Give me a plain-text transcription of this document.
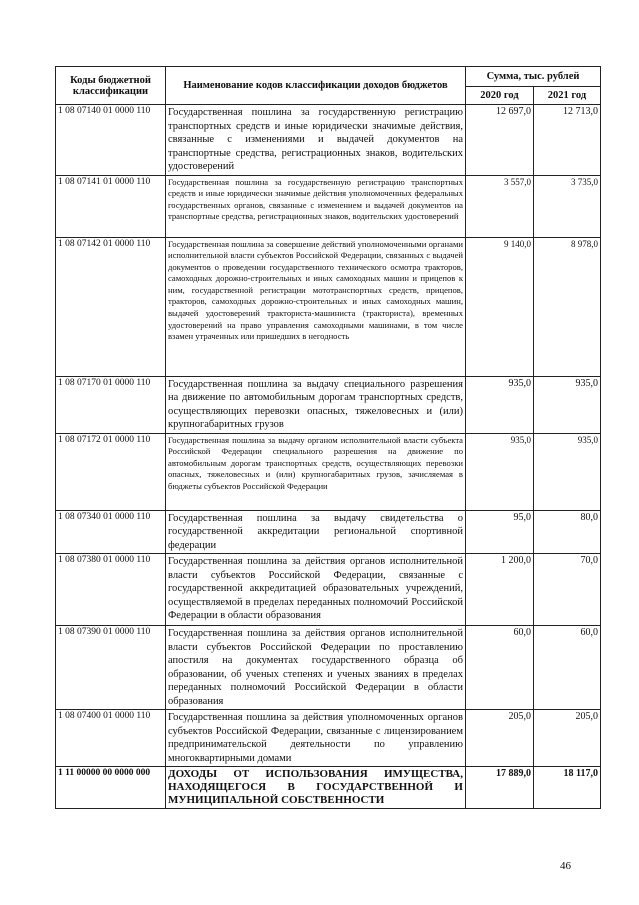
Коды бюджетной классификации	Наименование кодов классификации доходов бюджетов	Сумма, тыс. рублей	
		2020 год	2021 год
1 08 07140 01 0000 110	Государственная пошлина за государственную регистрацию транспортных средств и иные юридически значимые действия, связанные с изменениями и выдачей документов на транспортные средства, регистрационных знаков, водительских удостоверений	12 697,0	12 713,0
1 08 07141 01 0000 110	Государственная пошлина за государственную регистрацию транспортных средств и иные юридически значимые действия уполномоченных федеральных государственных органов, связанные с изменением и выдачей документов на транспортные средства, регистрационных знаков, водительских удостоверений	3 557,0	3 735,0
1 08 07142 01 0000 110	Государственная пошлина за совершение действий уполномоченными органами исполнительной власти субъектов Российской Федерации, связанных с выдачей документов о проведении государственного технического осмотра тракторов, самоходных дорожно-строительных и иных самоходных машин и прицепов к ним, государственной регистрации мототранспортных средств, прицепов, тракторов, самоходных дорожно-строительных и иных самоходных машин, выдачей удостоверений тракториста-машиниста (тракториста), временных удостоверений на право управления самоходными машинами, в том числе взамен утраченных или пришедших в негодность	9 140,0	8 978,0
1 08 07170 01 0000 110	Государственная пошлина за выдачу специального разрешения на движение по автомобильным дорогам транспортных средств, осуществляющих перевозки опасных, тяжеловесных и (или) крупногабаритных грузов	935,0	935,0
1 08 07172 01 0000 110	Государственная пошлина за выдачу органом исполнительной власти субъекта Российской Федерации специального разрешения на движение по автомобильным дорогам транспортных средств, осуществляющих перевозки опасных, тяжеловесных и (или) крупногабаритных грузов, зачисляемая в бюджеты субъектов Российской Федерации	935,0	935,0
1 08 07340 01 0000 110	Государственная пошлина за выдачу свидетельства о государственной аккредитации региональной спортивной федерации	95,0	80,0
1 08 07380 01 0000 110	Государственная пошлина за действия органов исполнительной власти субъектов Российской Федерации, связанные с государственной аккредитацией образовательных учреждений, осуществляемой в пределах переданных полномочий Российской Федерации в области образования	1 200,0	70,0
1 08 07390 01 0000 110	Государственная пошлина за действия органов исполнительной власти субъектов Российской Федерации по проставлению апостиля на документах государственного образца об образовании, об ученых степенях и ученых званиях в пределах переданных полномочий Российской Федерации в области образования	60,0	60,0
1 08 07400 01 0000 110	Государственная пошлина за действия уполномоченных органов субъектов Российской Федерации, связанные с лицензированием предпринимательской деятельности по управлению многоквартирными домами	205,0	205,0
1 11 00000 00 0000 000	ДОХОДЫ ОТ ИСПОЛЬЗОВАНИЯ ИМУЩЕСТВА, НАХОДЯЩЕГОСЯ В ГОСУДАРСТВЕННОЙ И МУНИЦИПАЛЬНОЙ СОБСТВЕННОСТИ	17 889,0	18 117,0
46
